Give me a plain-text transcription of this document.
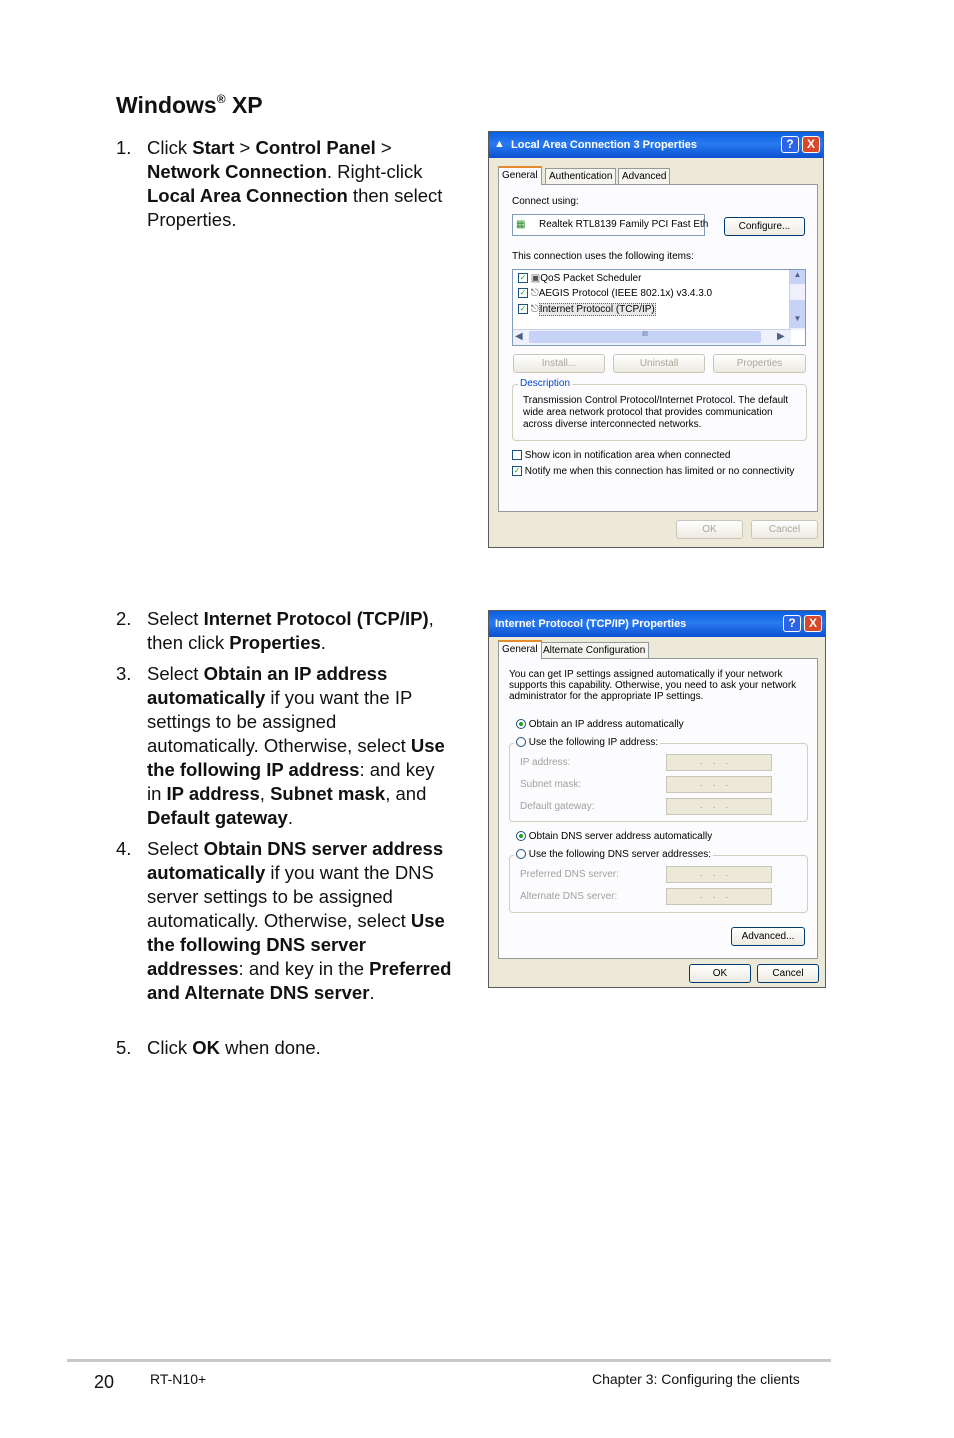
Windows® XP
1. Click Start > Control Panel > Network Connection. Right-click Local Area Connection then select Properties.
2. Select Internet Protocol (TCP/IP), then click Properties.
3. Select Obtain an IP address automatically if you want the IP settings to be assigned automatically. Otherwise, select Use the following IP address: and key in IP address, Subnet mask, and Default gateway.
4. Select Obtain DNS server address automatically if you want the DNS server settings to be assigned automatically. Otherwise, select Use the following DNS server addresses: and key in the Preferred and Alternate DNS server.
5. Click OK when done.
▲ Local Area Connection 3 Properties	?	X
General	Authentication Advanced
Connect using:
▦ Realtek RTL8139 Family PCI Fast Eth	Configure...
This connection uses the following items:
✓ ▣QoS Packet Scheduler
✓ ⎋AEGIS Protocol (IEEE 802.1x) v3.4.3.0
✓ ⎋Internet Protocol (TCP/IP)
▲
▼
◀	III	▶
Install...	Uninstall	Properties
Description
Transmission Control Protocol/Internet Protocol. The default wide area network protocol that provides communication across diverse interconnected networks.
Show icon in notification area when connected
✓ Notify me when this connection has limited or no connectivity
OK	Cancel
Internet Protocol (TCP/IP) Properties	?	X
General Alternate Configuration
You can get IP settings assigned automatically if your network supports this capability. Otherwise, you need to ask your network administrator for the appropriate IP settings.
Obtain an IP address automatically
Use the following IP address:
IP address:	...
Subnet mask:	...
Default gateway:	...
Obtain DNS server address automatically
Use the following DNS server addresses:
Preferred DNS server:	...
Alternate DNS server:	...
Advanced...
OK	Cancel
20	RT-N10+	Chapter 3: Configuring the clients
